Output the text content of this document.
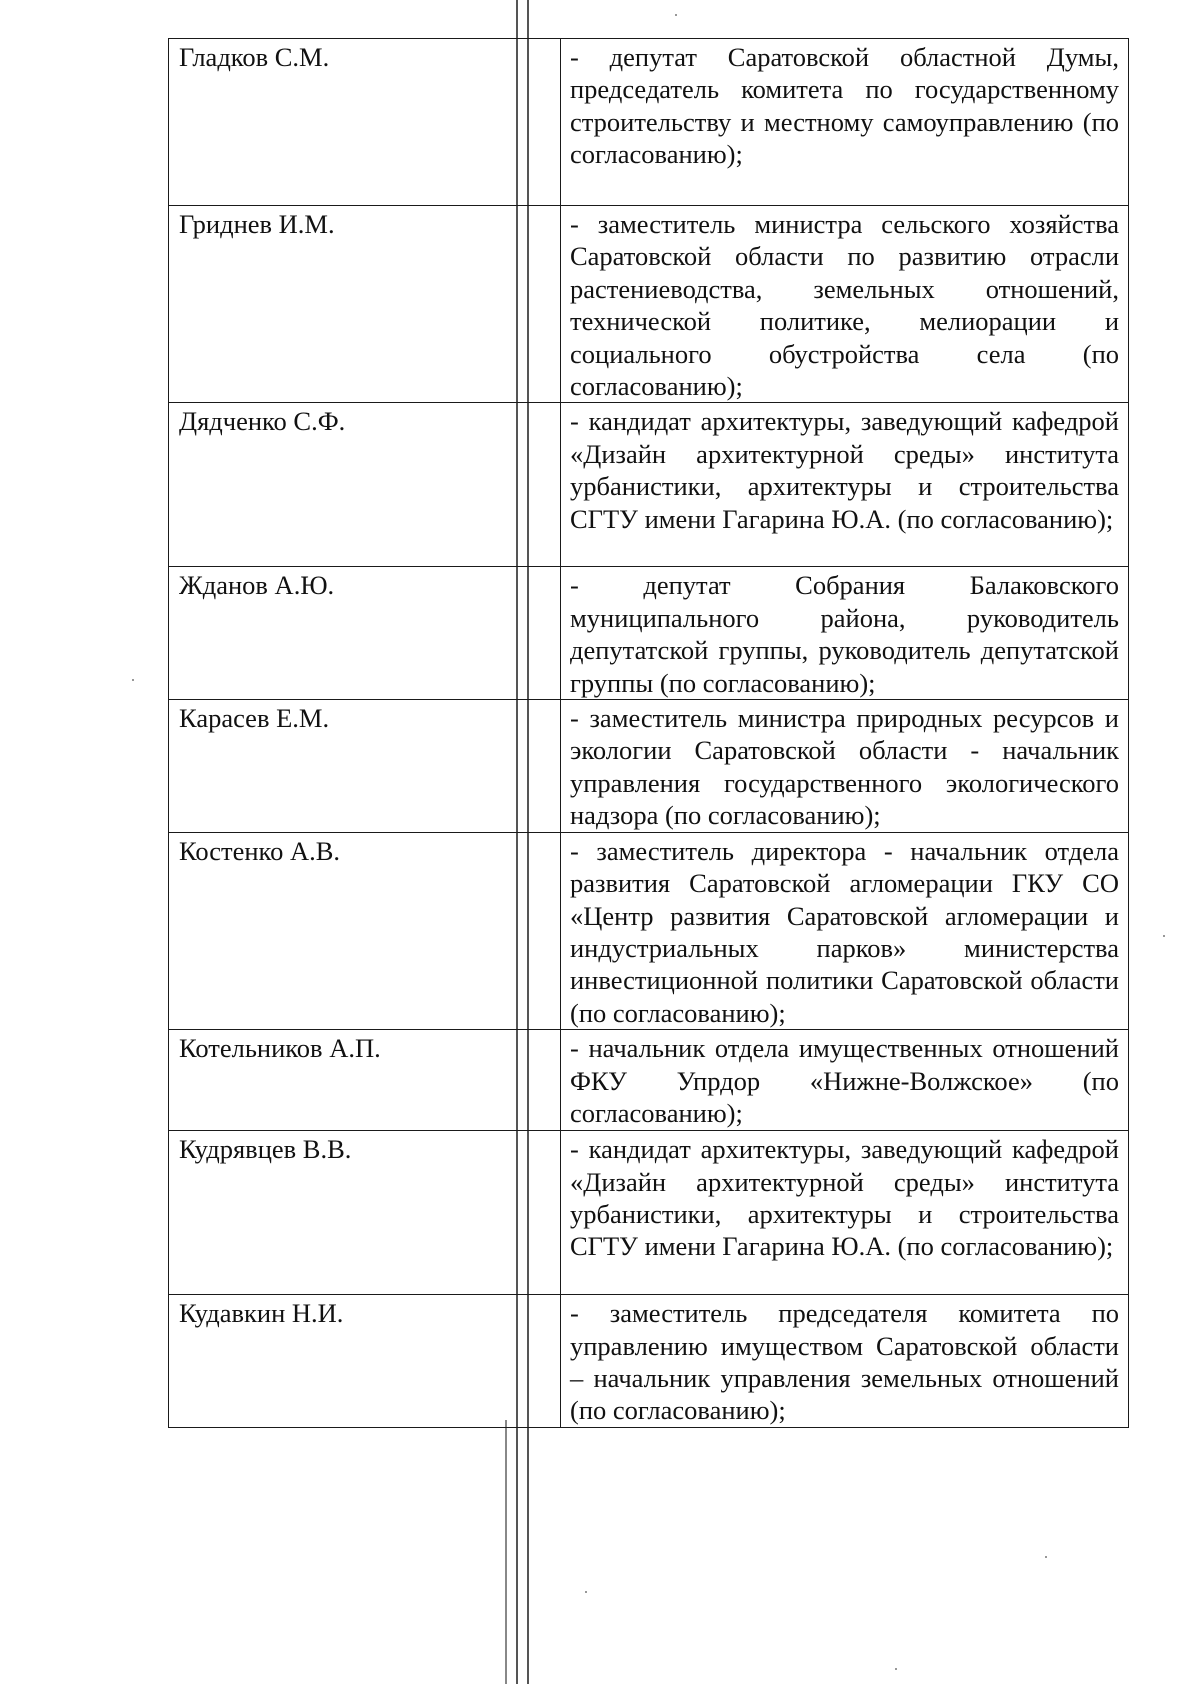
Гладков С.М.	- депутат Саратовской областной Думы, председатель комитета по государственному строительству и местному самоуправлению (по согласованию);
Гриднев И.М.	- заместитель министра сельского хозяйства Саратовской области по развитию отрасли растениеводства, земельных отношений, технической политике, мелиорации и социального обустройства села (по согласованию);
Дядченко С.Ф.	- кандидат архитектуры, заведующий кафедрой «Дизайн архитектурной среды» института урбанистики, архитектуры и строительства СГТУ имени Гагарина Ю.А. (по согласованию);
Жданов А.Ю.	- депутат Собрания Балаковского муниципального района, руководитель депутатской группы, руководитель депутатской группы (по согласованию);
Карасев Е.М.	- заместитель министра природных ресурсов и экологии Саратовской области - начальник управления государственного экологического надзора (по согласованию);
Костенко А.В.	- заместитель директора - начальник отдела развития Саратовской агломерации ГКУ СО «Центр развития Саратовской агломерации и индустриальных парков» министерства инвестиционной политики Саратовской области (по согласованию);
Котельников А.П.	- начальник отдела имущественных отношений ФКУ Упрдор «Нижне-Волжское» (по согласованию);
Кудрявцев В.В.	- кандидат архитектуры, заведующий кафедрой «Дизайн архитектурной среды» института урбанистики, архитектуры и строительства СГТУ имени Гагарина Ю.А. (по согласованию);
Кудавкин Н.И.	- заместитель председателя комитета по управлению имуществом Саратовской области – начальник управления земельных отношений (по согласованию);
